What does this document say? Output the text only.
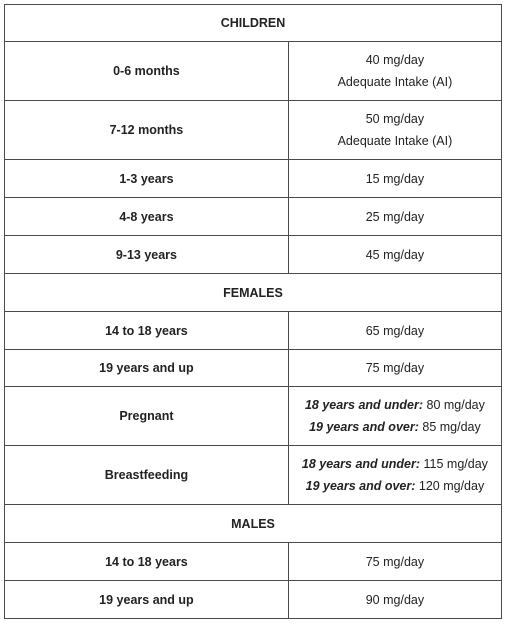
CHILDREN	
0-6 months	40 mg/day
Adequate Intake (AI)

7-12 months	50 mg/day
Adequate Intake (AI)

1-3 years	15 mg/day
4-8 years	25 mg/day
9-13 years	45 mg/day
FEMALES	
14 to 18 years	65 mg/day
19 years and up	75 mg/day
Pregnant	18 years and under: 80 mg/day
19 years and over: 85 mg/day

Breastfeeding	18 years and under: 115 mg/day
19 years and over: 120 mg/day

MALES	
14 to 18 years	75 mg/day
19 years and up	90 mg/day
